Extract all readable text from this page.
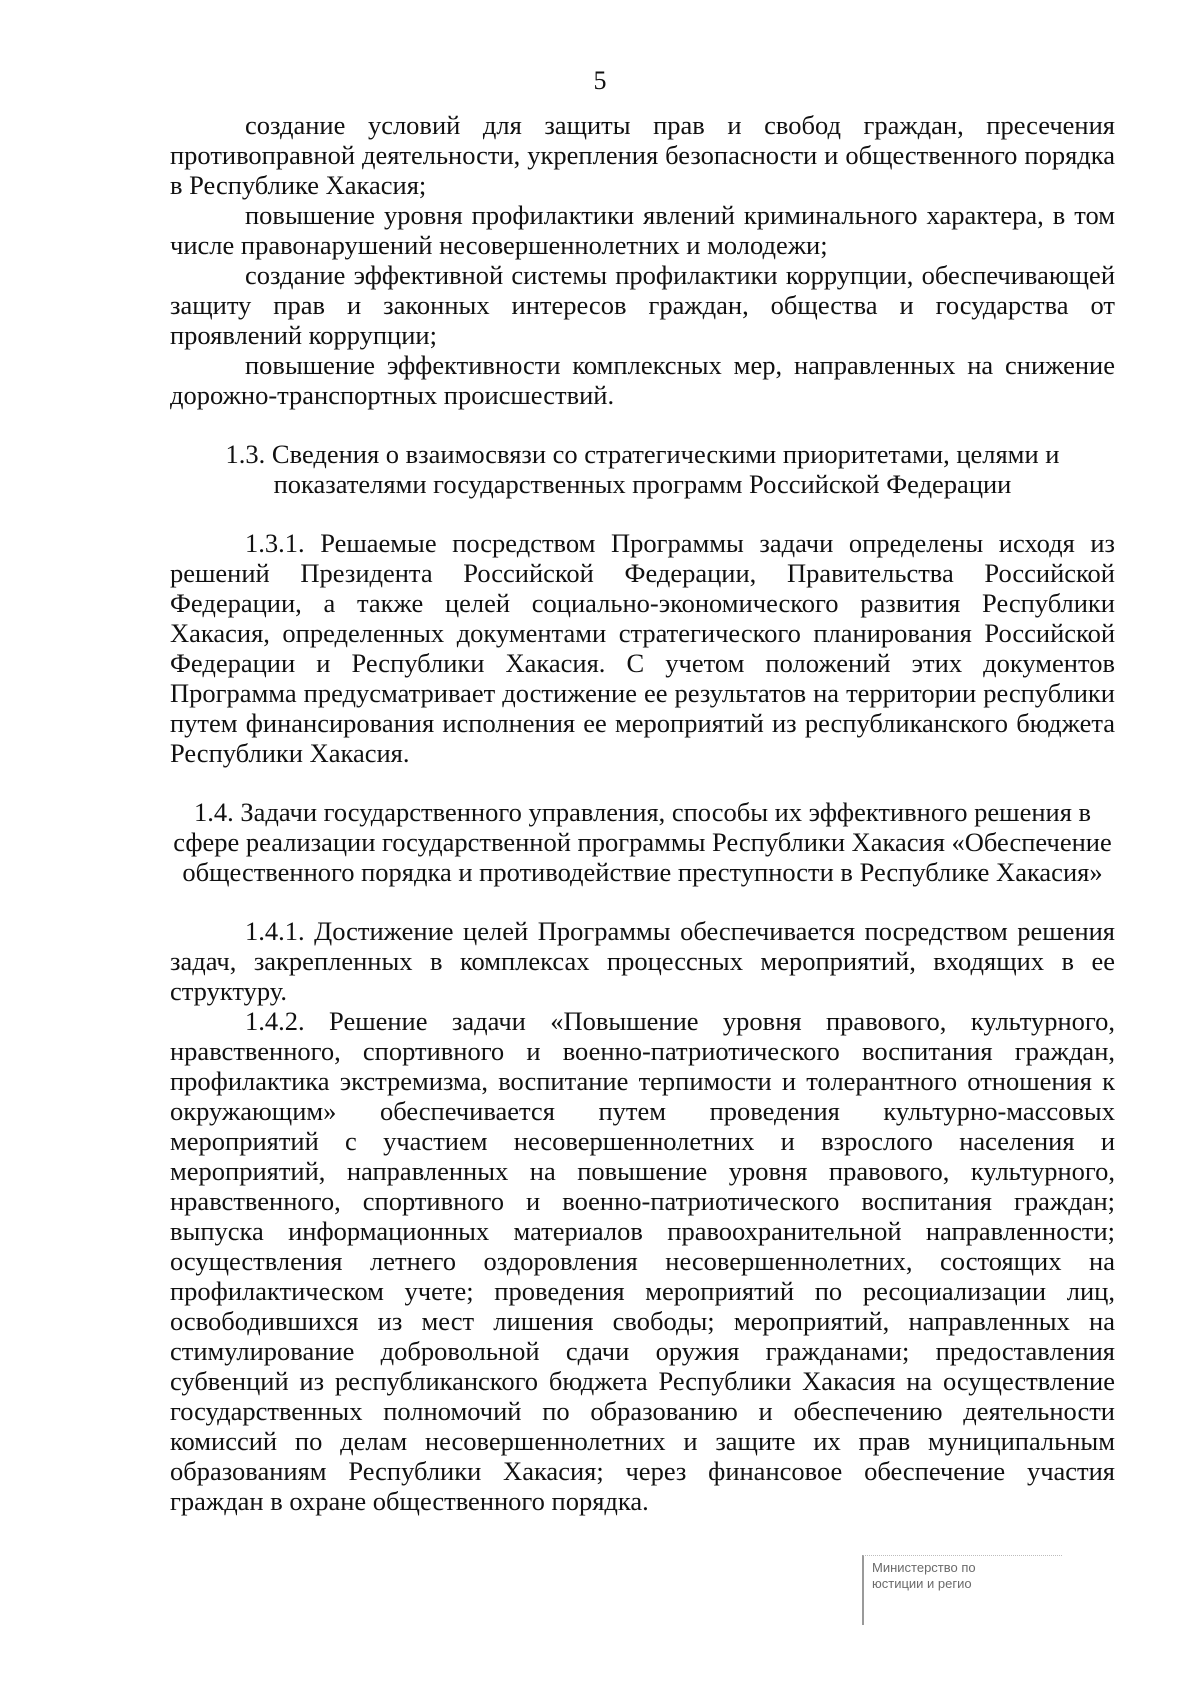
5

создание условий для защиты прав и свобод граждан, пресечения противоправной деятельности, укрепления безопасности и общественного порядка в Республике Хакасия;

повышение уровня профилактики явлений криминального характера, в том числе правонарушений несовершеннолетних и молодежи;

создание эффективной системы профилактики коррупции, обеспечивающей защиту прав и законных интересов граждан, общества и государства от проявлений коррупции;

повышение эффективности комплексных мер, направленных на снижение дорожно-транспортных происшествий.

1.3. Сведения о взаимосвязи со стратегическими приоритетами, целями и показателями государственных программ Российской Федерации

1.3.1. Решаемые посредством Программы задачи определены исходя из решений Президента Российской Федерации, Правительства Российской Федерации, а также целей социально-экономического развития Республики Хакасия, определенных документами стратегического планирования Российской Федерации и Республики Хакасия. С учетом положений этих документов Программа предусматривает достижение ее результатов на территории республики путем финансирования исполнения ее мероприятий из республиканского бюджета Республики Хакасия.

1.4. Задачи государственного управления, способы их эффективного решения в сфере реализации государственной программы Республики Хакасия «Обеспечение общественного порядка и противодействие преступности в Республике Хакасия»

1.4.1. Достижение целей Программы обеспечивается посредством решения задач, закрепленных в комплексах процессных мероприятий, входящих в ее структуру.

1.4.2. Решение задачи «Повышение уровня правового, культурного, нравственного, спортивного и военно-патриотического воспитания граждан, профилактика экстремизма, воспитание терпимости и толерантного отношения к окружающим» обеспечивается путем проведения культурно-массовых мероприятий с участием несовершеннолетних и взрослого населения и мероприятий, направленных на повышение уровня правового, культурного, нравственного, спортивного и военно-патриотического воспитания граждан; выпуска информационных материалов правоохранительной направленности; осуществления летнего оздоровления несовершеннолетних, состоящих на профилактическом учете; проведения мероприятий по ресоциализации лиц, освободившихся из мест лишения свободы; мероприятий, направленных на стимулирование добровольной сдачи оружия гражданами; предоставления субвенций из республиканского бюджета Республики Хакасия на осуществление государственных полномочий по образованию и обеспечению деятельности комиссий по делам несовершеннолетних и защите их прав муниципальным образованиям Республики Хакасия; через финансовое обеспечение участия граждан в охране общественного порядка.

Министерство по
юстиции и регио
